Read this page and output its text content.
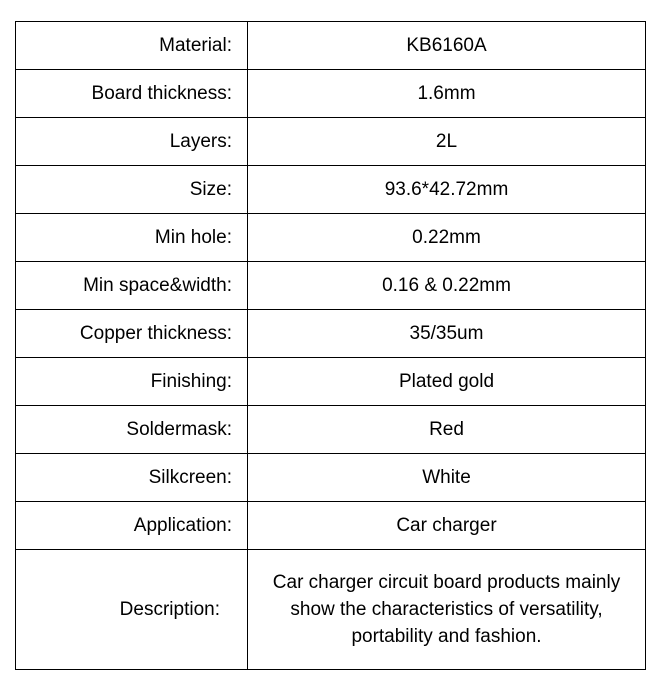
Material:	KB6160A
Board thickness:	1.6mm
Layers:	2L
Size:	93.6*42.72mm
Min hole:	0.22mm
Min space&width:	0.16 & 0.22mm
Copper thickness:	35/35um
Finishing:	Plated gold
Soldermask:	Red
Silkcreen:	White
Application:	Car charger
Description:	Car charger circuit board products mainly show the characteristics of versatility, portability and fashion.
